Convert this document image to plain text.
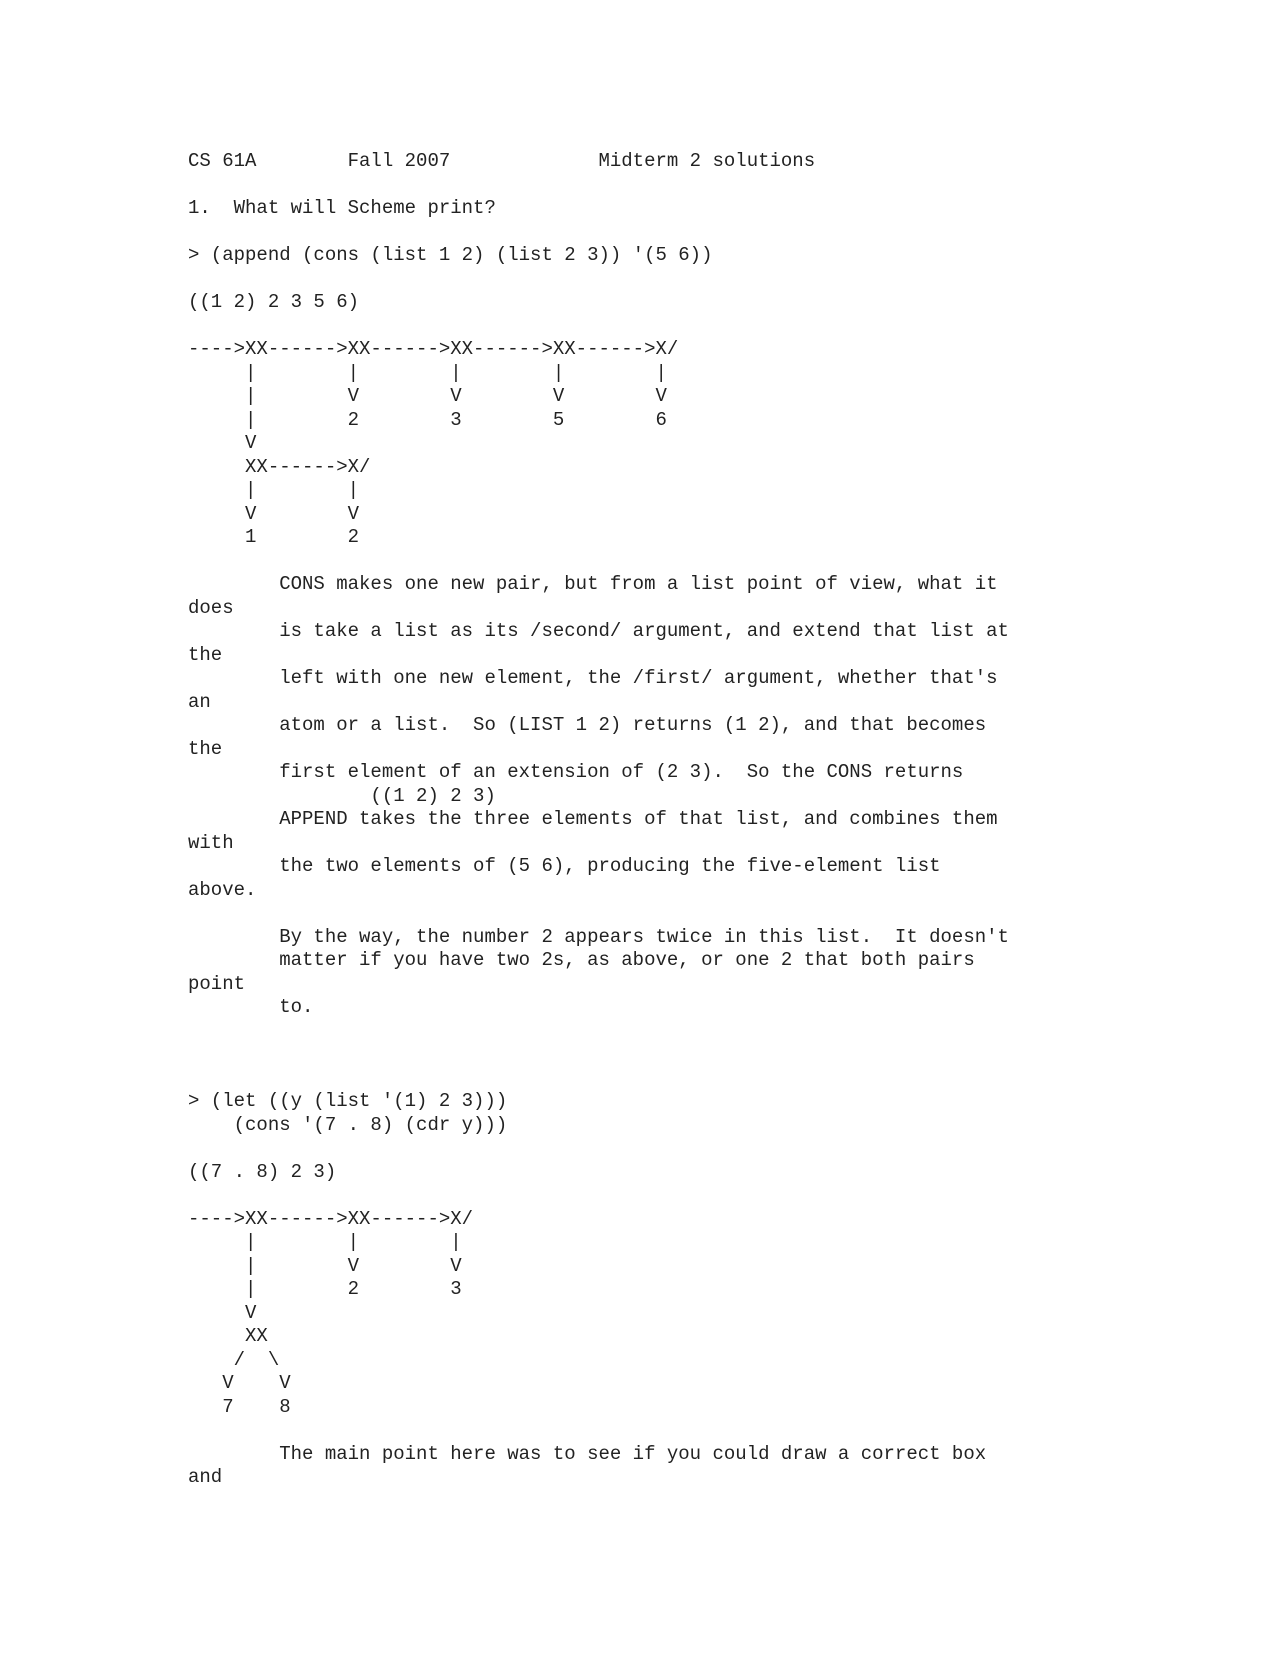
CS 61A        Fall 2007             Midterm 2 solutions
1.  What will Scheme print?
> (append (cons (list 1 2) (list 2 3)) '(5 6))
((1 2) 2 3 5 6)
---->XX------>XX------>XX------>XX------>X/
|        |        |        |        |
|        V        V        V        V
|        2        3        5        6
V
XX------>X/
|        |
V        V
1        2
CONS makes one new pair, but from a list point of view, what it
does
is take a list as its /second/ argument, and extend that list at
the
left with one new element, the /first/ argument, whether that's
an
atom or a list.  So (LIST 1 2) returns (1 2), and that becomes
the
first element of an extension of (2 3).  So the CONS returns
((1 2) 2 3)
APPEND takes the three elements of that list, and combines them
with
the two elements of (5 6), producing the five-element list
above.
By the way, the number 2 appears twice in this list.  It doesn't
matter if you have two 2s, as above, or one 2 that both pairs
point
to.
> (let ((y (list '(1) 2 3)))
(cons '(7 . 8) (cdr y)))
((7 . 8) 2 3)
---->XX------>XX------>X/
|        |        |
|        V        V
|        2        3
V
XX
/  \
V    V
7    8
The main point here was to see if you could draw a correct box
and
